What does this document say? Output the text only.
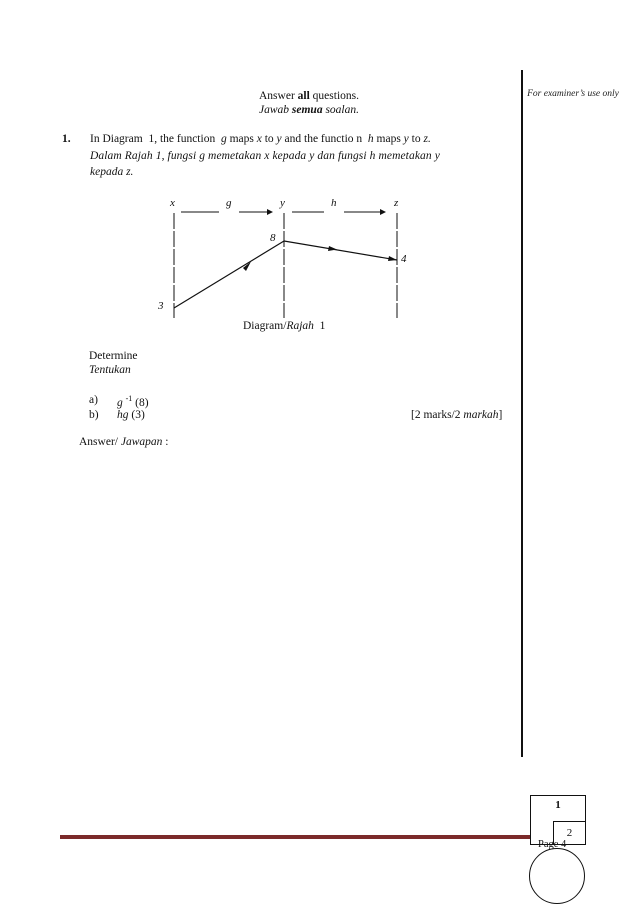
Answer all questions.
Jawab semua soalan.
For examiner’s use only
1. In Diagram 1, the function g maps x to y and the functio n h maps y to z.
Dalam Rajah 1, fungsi g memetakan x kepada y dan fungsi h memetakan y
kepada z.
x	g	y	h	z
3
8
4
Diagram/Rajah 1
Determine
Tentukan
a) g $^{-1}$ (8)
b) hg (3)	[2 marks/2 markah]
Answer/ Jawapan :
1
2
Page 4
